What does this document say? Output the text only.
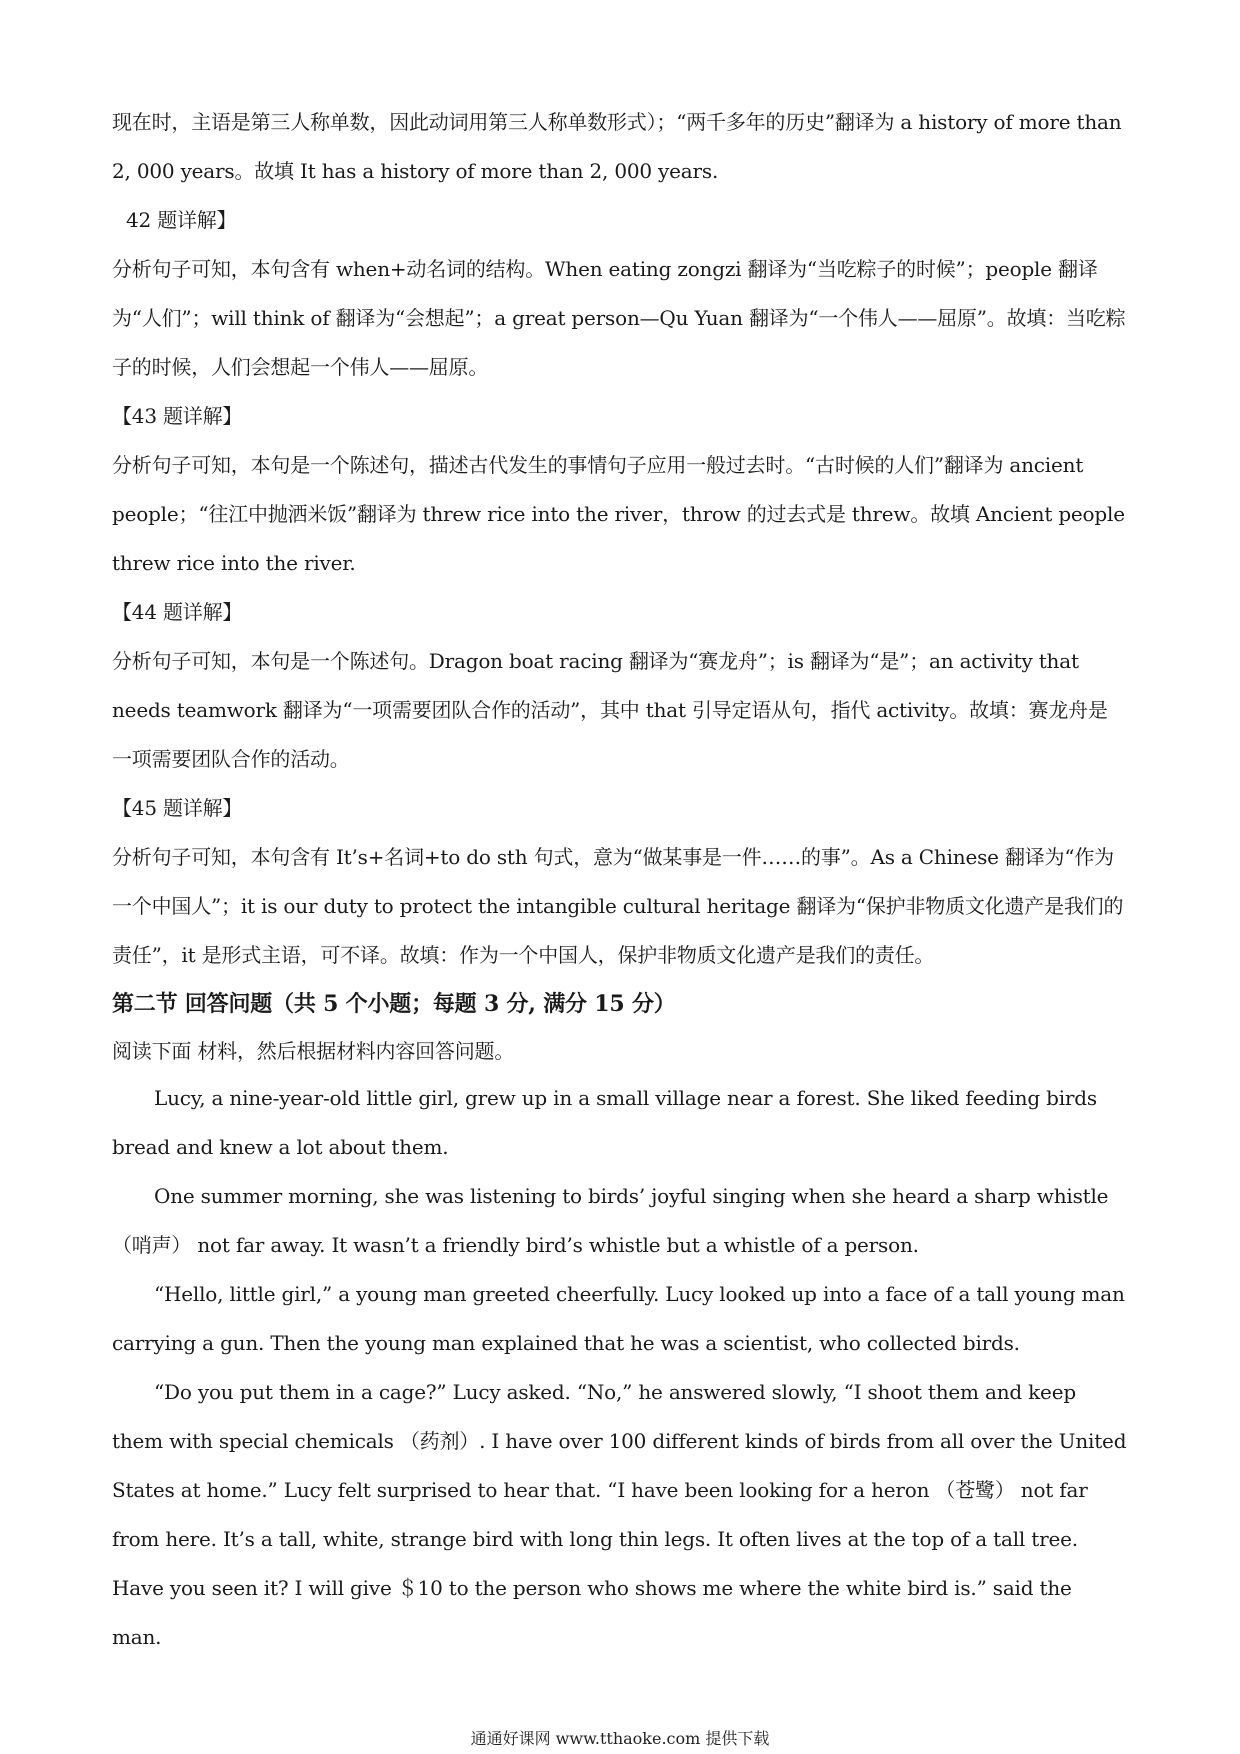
现在时，主语是第三人称单数，因此动词用第三人称单数形式）；“两千多年的历史”翻译为 a history of more than 2, 000 years。故填 It has a history of more than 2, 000 years.

42 题详解】

分析句子可知，本句含有 when+动名词的结构。When eating zongzi 翻译为“当吃粽子的时候”；people 翻译为“人们”；will think of 翻译为“会想起”；a great person—Qu Yuan 翻译为“一个伟人——屈原”。故填：当吃粽子的时候，人们会想起一个伟人——屈原。

【43 题详解】

分析句子可知，本句是一个陈述句，描述古代发生的事情句子应用一般过去时。“古时候的人们”翻译为 ancient people；“往江中抛洒米饭”翻译为 threw rice into the river，throw 的过去式是 threw。故填 Ancient people threw rice into the river.

【44 题详解】

分析句子可知，本句是一个陈述句。Dragon boat racing 翻译为“赛龙舟”；is 翻译为“是”；an activity that needs teamwork 翻译为“一项需要团队合作的活动”，其中 that 引导定语从句，指代 activity。故填：赛龙舟是一项需要团队合作的活动。

【45 题详解】

分析句子可知，本句含有 It’s+名词+to do sth 句式，意为“做某事是一件……的事”。As a Chinese 翻译为“作为一个中国人”；it is our duty to protect the intangible cultural heritage 翻译为“保护非物质文化遗产是我们的责任”，it 是形式主语，可不译。故填：作为一个中国人，保护非物质文化遗产是我们的责任。

第二节 回答问题（共 5 个小题；每题 3 分, 满分 15 分）

阅读下面 材料，然后根据材料内容回答问题。

Lucy, a nine-year-old little girl, grew up in a small village near a forest. She liked feeding birds bread and knew a lot about them.

One summer morning, she was listening to birds’ joyful singing when she heard a sharp whistle （哨声） not far away. It wasn’t a friendly bird’s whistle but a whistle of a person.

“Hello, little girl,” a young man greeted cheerfully. Lucy looked up into a face of a tall young man carrying a gun. Then the young man explained that he was a scientist, who collected birds.

“Do you put them in a cage?” Lucy asked. “No,” he answered slowly, “I shoot them and keep them with special chemicals （药剂）. I have over 100 different kinds of birds from all over the United States at home.” Lucy felt surprised to hear that. “I have been looking for a heron （苍鹭） not far from here. It’s a tall, white, strange bird with long thin legs. It often lives at the top of a tall tree. Have you seen it? I will give ＄10 to the person who shows me where the white bird is.” said the man.

通通好课网 www.tthaoke.com 提供下载
